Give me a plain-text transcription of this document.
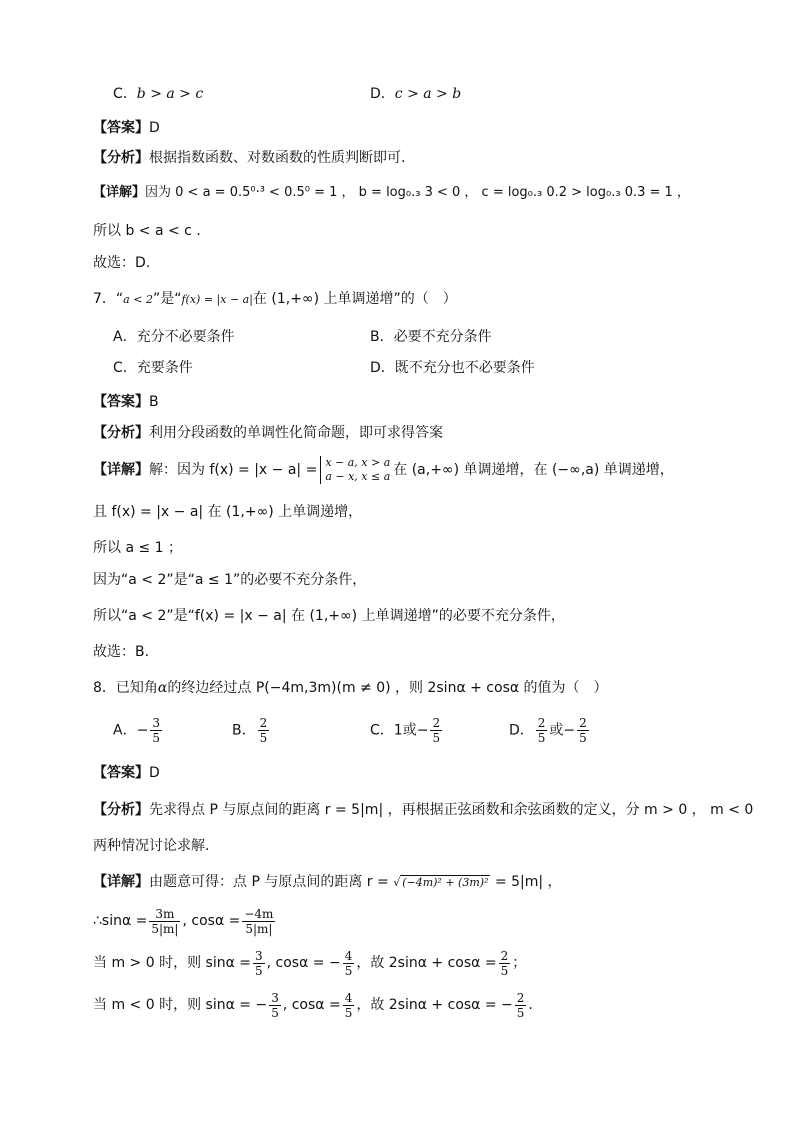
C．b > a > c	D．c > a > b
【答案】D
【分析】根据指数函数、对数函数的性质判断即可.
【详解】因为 0 < a = 0.5⁰·³ < 0.5⁰ = 1 ， b = log₀.₃ 3 < 0 ， c = log₀.₃ 0.2 > log₀.₃ 0.3 = 1 ，
所以 b < a < c .
故选：D.
7．“a < 2”是“f(x) = |x − a|在 (1,+∞) 上单调递增”的（　）
A．充分不必要条件	B．必要不充分条件
C．充要条件	D．既不充分也不必要条件
【答案】B
【分析】利用分段函数的单调性化简命题，即可求得答案
【详解】解：因为 f(x) = |x − a| = x − a, x > a
a − x, x ≤ a 在 (a,+∞) 单调递增，在 (−∞,a) 单调递增，
且 f(x) = |x − a| 在 (1,+∞) 上单调递增，
所以 a ≤ 1 ；
因为“a < 2”是“a ≤ 1”的必要不充分条件，
所以“a < 2”是“f(x) = |x − a| 在 (1,+∞) 上单调递增”的必要不充分条件，
故选：B.
8．已知角α的终边经过点 P(−4m,3m)(m ≠ 0) ，则 2sinα + cosα 的值为（　）
A．− $\frac{3}{5}$	B． $\frac{2}{5}$	C．1或− $\frac{2}{5}$	D． $\frac{2}{5}$ 或− $\frac{2}{5}$
【答案】D
【分析】先求得点 P 与原点间的距离 r = 5|m| ，再根据正弦函数和余弦函数的定义，分 m > 0 ， m < 0
两种情况讨论求解.
【详解】由题意可得：点 P 与原点间的距离 r = √ (−4m)² + (3m)² = 5|m| ，
∴sinα = $\frac{3m}{5|m|}$ , $\cos\alpha = \frac{-4m}{5|m|}$
当 m > 0 时，则 $\sin\alpha = \frac{3}{5}$ , cosα = − $\frac{4}{5}$ ，故 $2\sin\alpha + \cos\alpha = \frac{2}{5}$ ；
当 m < 0 时，则 sinα = − $\frac{3}{5}$ , $\cos\alpha = \frac{4}{5}$ ，故 2sinα + cosα = − $\frac{2}{5}$ .
